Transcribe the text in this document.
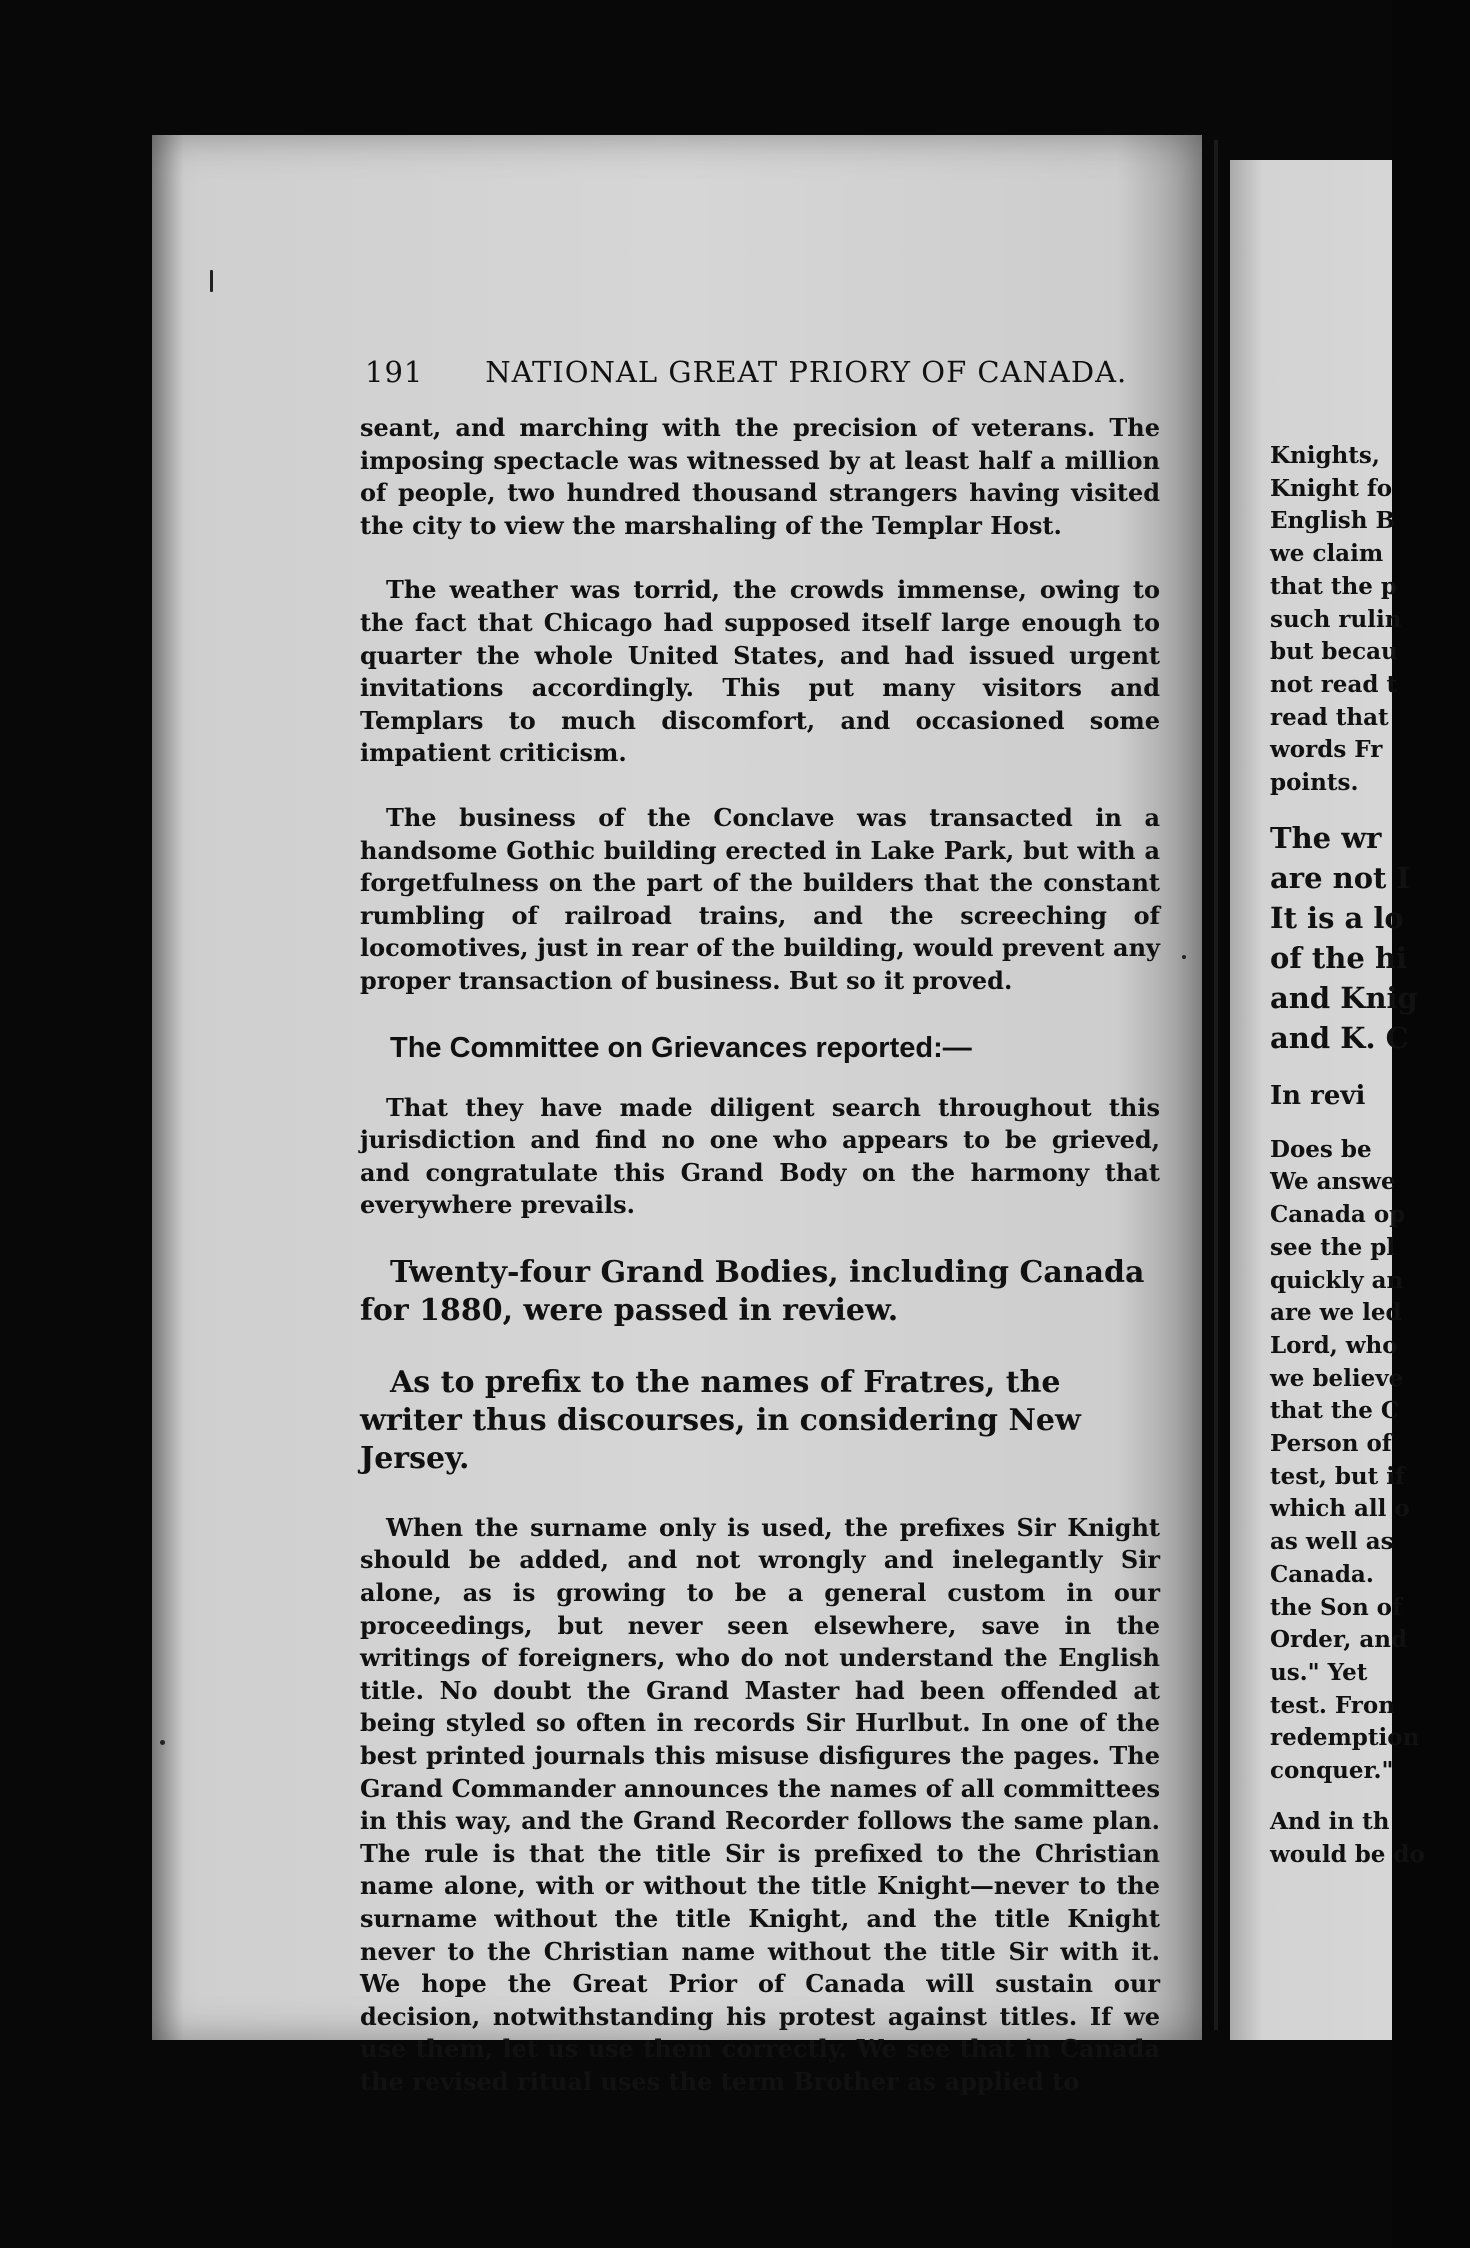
191 NATIONAL GREAT PRIORY OF CANADA.

seant, and marching with the precision of veterans. The imposing spectacle was witnessed by at least half a million of people, two hundred thousand strangers having visited the city to view the marshaling of the Templar Host.

The weather was torrid, the crowds immense, owing to the fact that Chicago had supposed itself large enough to quarter the whole United States, and had issued urgent invitations accordingly. This put many visitors and Templars to much discomfort, and occasioned some impatient criticism.

The business of the Conclave was transacted in a handsome Gothic building erected in Lake Park, but with a forgetfulness on the part of the builders that the constant rumbling of railroad trains, and the screeching of locomotives, just in rear of the building, would prevent any proper transaction of business. But so it proved.

The Committee on Grievances reported:—

That they have made diligent search throughout this jurisdiction and find no one who appears to be grieved, and congratulate this Grand Body on the harmony that everywhere prevails.

Twenty-four Grand Bodies, including Canada for 1880, were passed in review.

As to prefix to the names of Fratres, the writer thus discourses, in considering New Jersey.

When the surname only is used, the prefixes Sir Knight should be added, and not wrongly and inelegantly Sir alone, as is growing to be a general custom in our proceedings, but never seen elsewhere, save in the writings of foreigners, who do not understand the English title. No doubt the Grand Master had been offended at being styled so often in records Sir Hurlbut. In one of the best printed journals this misuse disfigures the pages. The Grand Commander announces the names of all committees in this way, and the Grand Recorder follows the same plan. The rule is that the title Sir is prefixed to the Christian name alone, with or without the title Knight—never to the surname without the title Knight, and the title Knight never to the Christian name without the title Sir with it. We hope the Great Prior of Canada will sustain our decision, notwithstanding his protest against titles. If we use them, let us use them correctly. We see that in Canada the revised ritual uses the term Brother as applied to

Knights,
Knight fo
English B
we claim
that the p
such rulin
but becau
not read t
read that
words Fr
points.
The wr
are not I
It is a lo
of the hi
and Knig
and K. C
In revi
Does be
We answe
Canada op
see the pl
quickly an
are we led
Lord, who
we believe
that the C
Person of
test, but if
which all o
as well as
Canada.
the Son of
Order, and
us." Yet
test. Fron
redemption
conquer."
And in th
would be do
